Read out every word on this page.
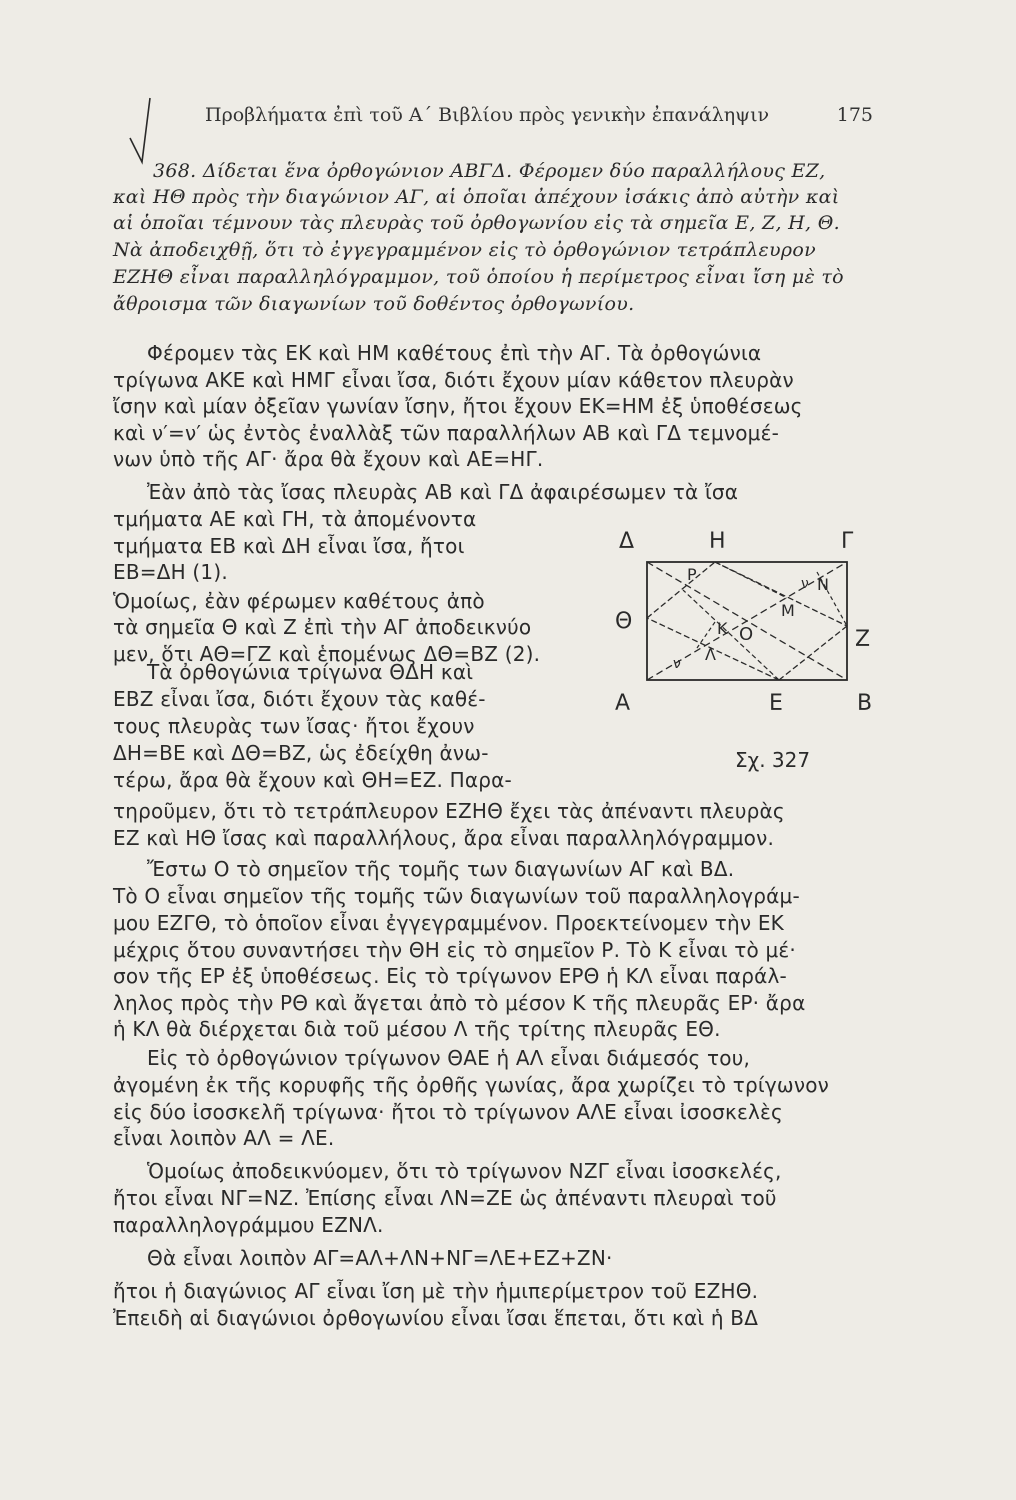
Προβλήματα ἐπὶ τοῦ Α΄ Βιβλίου πρὸς γενικὴν ἐπανάληψιν	175
368. Δίδεται ἕνα ὀρθογώνιον ΑΒΓΔ. Φέρομεν δύο παραλλήλους ΕΖ,
καὶ ΗΘ πρὸς τὴν διαγώνιον ΑΓ, αἱ ὁποῖαι ἀπέχουν ἰσάκις ἀπὸ αὐτὴν καὶ
αἱ ὁποῖαι τέμνουν τὰς πλευρὰς τοῦ ὀρθογωνίου εἰς τὰ σημεῖα Ε, Ζ, Η, Θ.
Νὰ ἀποδειχθῇ, ὅτι τὸ ἐγγεγραμμένον εἰς τὸ ὀρθογώνιον τετράπλευρον
ΕΖΗΘ εἶναι παραλληλόγραμμον, τοῦ ὁποίου ἡ περίμετρος εἶναι ἴση μὲ τὸ
ἄθροισμα τῶν διαγωνίων τοῦ δοθέντος ὀρθογωνίου.
Φέρομεν τὰς ΕΚ καὶ ΗΜ καθέτους ἐπὶ τὴν ΑΓ. Τὰ ὀρθογώνια
τρίγωνα ΑΚΕ καὶ ΗΜΓ εἶναι ἴσα, διότι ἔχουν μίαν κάθετον πλευρὰν
ἴσην καὶ μίαν ὀξεῖαν γωνίαν ἴσην, ἤτοι ἔχουν ΕΚ=ΗΜ ἐξ ὑποθέσεως
καὶ ν′=ν′ ὡς ἐντὸς ἐναλλὰξ τῶν παραλλήλων ΑΒ καὶ ΓΔ τεμνομέ-
νων ὑπὸ τῆς ΑΓ· ἄρα θὰ ἔχουν καὶ ΑΕ=ΗΓ.
Ἐὰν ἀπὸ τὰς ἴσας πλευρὰς ΑΒ καὶ ΓΔ ἀφαιρέσωμεν τὰ ἴσα
τμήματα ΑΕ καὶ ΓΗ, τὰ ἀπομένοντα
τμήματα ΕΒ καὶ ΔΗ εἶναι ἴσα, ἤτοι
ΕΒ=ΔΗ (1).
Ὁμοίως, ἐὰν φέρωμεν καθέτους ἀπὸ
τὰ σημεῖα Θ καὶ Ζ ἐπὶ τὴν ΑΓ ἀποδεικνύο
μεν, ὅτι ΑΘ=ΓΖ καὶ ἑπομένως ΔΘ=ΒΖ (2).
Τὰ ὀρθογώνια τρίγωνα ΘΔΗ καὶ
ΕΒΖ εἶναι ἴσα, διότι ἔχουν τὰς καθέ-
τους πλευρὰς των ἴσας· ἤτοι ἔχουν
ΔΗ=ΒΕ καὶ ΔΘ=ΒΖ, ὡς ἐδείχθη ἀνω-
τέρω, ἄρα θὰ ἔχουν καὶ ΘΗ=ΕΖ. Παρα-
τηροῦμεν, ὅτι τὸ τετράπλευρον ΕΖΗΘ ἔχει τὰς ἀπέναντι πλευρὰς
ΕΖ καὶ ΗΘ ἴσας καὶ παραλλήλους, ἄρα εἶναι παραλληλόγραμμον.
Ἔστω Ο τὸ σημεῖον τῆς τομῆς των διαγωνίων ΑΓ καὶ ΒΔ.
Τὸ Ο εἶναι σημεῖον τῆς τομῆς τῶν διαγωνίων τοῦ παραλληλογράμ-
μου ΕΖΓΘ, τὸ ὁποῖον εἶναι ἐγγεγραμμένον. Προεκτείνομεν τὴν ΕΚ
μέχρις ὅτου συναντήσει τὴν ΘΗ εἰς τὸ σημεῖον Ρ. Τὸ Κ εἶναι τὸ μέ·
σον τῆς ΕΡ ἐξ ὑποθέσεως. Εἰς τὸ τρίγωνον ΕΡΘ ἡ ΚΛ εἶναι παράλ-
ληλος πρὸς τὴν ΡΘ καὶ ἄγεται ἀπὸ τὸ μέσον Κ τῆς πλευρᾶς ΕΡ· ἄρα
ἡ ΚΛ θὰ διέρχεται διὰ τοῦ μέσου Λ τῆς τρίτης πλευρᾶς ΕΘ.
Εἰς τὸ ὀρθογώνιον τρίγωνον ΘΑΕ ἡ ΑΛ εἶναι διάμεσός του,
ἀγομένη ἐκ τῆς κορυφῆς τῆς ὀρθῆς γωνίας, ἄρα χωρίζει τὸ τρίγωνον
εἰς δύο ἰσοσκελῆ τρίγωνα· ἤτοι τὸ τρίγωνον ΑΛΕ εἶναι ἰσοσκελὲς
εἶναι λοιπὸν ΑΛ = ΛΕ.
Ὁμοίως ἀποδεικνύομεν, ὅτι τὸ τρίγωνον ΝΖΓ εἶναι ἰσοσκελές,
ἤτοι εἶναι ΝΓ=ΝΖ. Ἐπίσης εἶναι ΛΝ=ΖΕ ὡς ἀπέναντι πλευραὶ τοῦ
παραλληλογράμμου ΕΖΝΛ.
Θὰ εἶναι λοιπὸν ΑΓ=ΑΛ+ΛΝ+ΝΓ=ΛΕ+ΕΖ+ΖΝ·
ἤτοι ἡ διαγώνιος ΑΓ εἶναι ἴση μὲ τὴν ἡμιπερίμετρον τοῦ ΕΖΗΘ.
Ἐπειδὴ αἱ διαγώνιοι ὀρθογωνίου εἶναι ἴσαι ἕπεται, ὅτι καὶ ἡ ΒΔ
Δ	Η	Γ
Θ
Ζ
Α	Ε	Β
Ρ
Ν
Μ
Κ Ο
Λ
ν
ν
Σχ. 327
